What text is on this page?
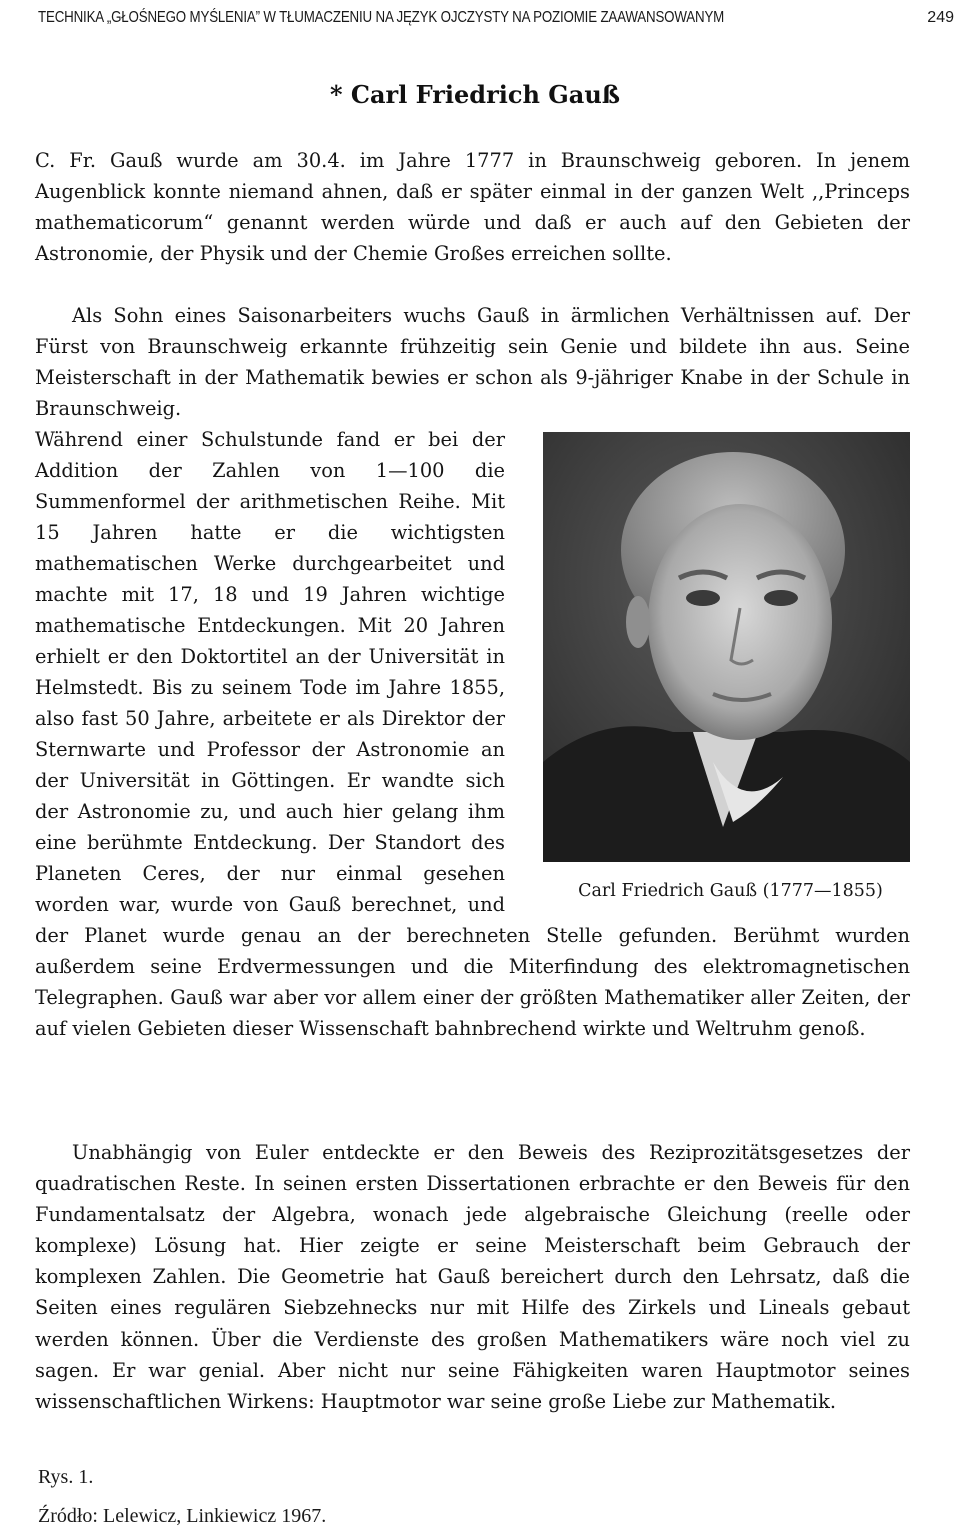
TECHNIKA „GŁOŚNEGO MYŚLENIA” W TŁUMACZENIU NA JĘZYK OJCZYSTY NA POZIOMIE ZAAWANSOWANYM	249
* Carl Friedrich Gauß
C. Fr. Gauß wurde am 30.4. im Jahre 1777 in Braunschweig geboren. In jenem Augenblick konnte niemand ahnen, daß er später einmal in der ganzen Welt ,,Princeps mathematicorum“ genannt werden würde und daß er auch auf den Gebieten der Astronomie, der Physik und der Chemie Großes erreichen sollte.
Als Sohn eines Saisonarbeiters wuchs Gauß in ärmlichen Verhältnissen auf. Der Fürst von Braunschweig erkannte frühzeitig sein Genie und bildete ihn aus. Seine Meisterschaft in der Mathematik bewies er schon als 9-jähriger Knabe in der Schule in Braunschweig.
Carl Friedrich Gauß (1777—1855)
Während einer Schulstunde fand er bei der Addition der Zahlen von 1—100 die Summenformel der arithmetischen Reihe. Mit 15 Jahren hatte er die wichtigsten mathematischen Werke durchgearbeitet und machte mit 17, 18 und 19 Jahren wichtige mathematische Entdeckungen. Mit 20 Jahren erhielt er den Doktortitel an der Universität in Helmstedt. Bis zu seinem Tode im Jahre 1855, also fast 50 Jahre, arbeitete er als Direktor der Sternwarte und Professor der Astronomie an der Universität in Göttingen. Er wandte sich der Astronomie zu, und auch hier gelang ihm eine berühmte Entdeckung. Der Standort des Planeten Ceres, der nur einmal gesehen worden war, wurde von Gauß berechnet, und der Planet wurde genau an der berechneten Stelle gefunden. Berühmt wurden außerdem seine Erdvermessungen und die Miterfindung des elektromagnetischen Telegraphen. Gauß war aber vor allem einer der größten Mathematiker aller Zeiten, der auf vielen Gebieten dieser Wissenschaft bahnbrechend wirkte und Weltruhm genoß.
Unabhängig von Euler entdeckte er den Beweis des Reziprozitätsgesetzes der quadratischen Reste. In seinen ersten Dissertationen erbrachte er den Beweis für den Fundamentalsatz der Algebra, wonach jede algebraische Gleichung (reelle oder komplexe) Lösung hat. Hier zeigte er seine Meisterschaft beim Gebrauch der komplexen Zahlen. Die Geometrie hat Gauß bereichert durch den Lehrsatz, daß die Seiten eines regulären Siebzehnecks nur mit Hilfe des Zirkels und Lineals gebaut werden können. Über die Verdienste des großen Mathematikers wäre noch viel zu sagen. Er war genial. Aber nicht nur seine Fähigkeiten waren Hauptmotor seines wissenschaftlichen Wirkens: Hauptmotor war seine große Liebe zur Mathematik.
Rys. 1.
Źródło: Lelewicz, Linkiewicz 1967.
